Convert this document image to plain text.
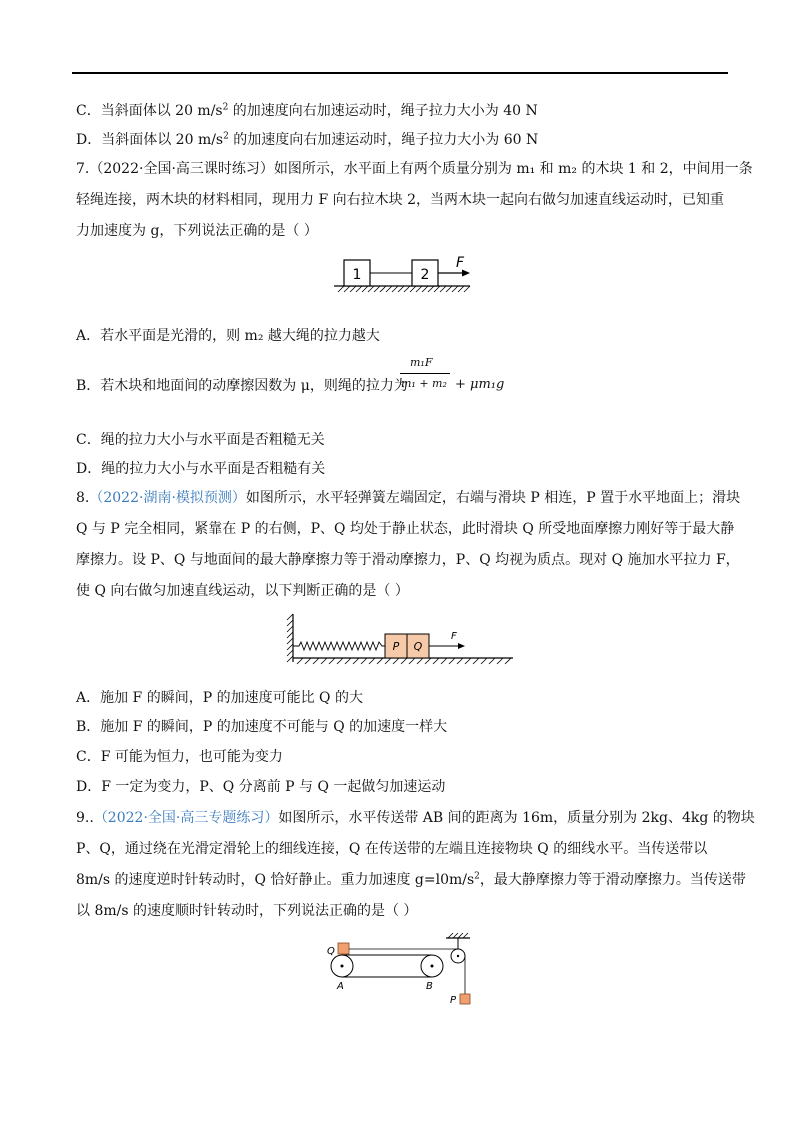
C．当斜面体以 20 $m/s^2$ 的加速度向右加速运动时，绳子拉力大小为 40 N
D．当斜面体以 20 $m/s^2$ 的加速度向右加速运动时，绳子拉力大小为 60 N
7.（2022·全国·高三课时练习）如图所示，水平面上有两个质量分别为 m₁ 和 m₂ 的木块 1 和 2，中间用一条
轻绳连接，两木块的材料相同，现用力 F 向右拉木块 2，当两木块一起向右做匀加速直线运动时，已知重
力加速度为 g，下列说法正确的是（ ）
1	2
F
A．若水平面是光滑的，则 m₂ 越大绳的拉力越大
B．若木块和地面间的动摩擦因数为 μ，则绳的拉力为
m₁F
m₁ + m₂ + μm₁g
C．绳的拉力大小与水平面是否粗糙无关
D．绳的拉力大小与水平面是否粗糙有关
8.（2022·湖南·模拟预测）如图所示，水平轻弹簧左端固定，右端与滑块 P 相连，P 置于水平地面上；滑块
Q 与 P 完全相同，紧靠在 P 的右侧，P、Q 均处于静止状态，此时滑块 Q 所受地面摩擦力刚好等于最大静
摩擦力。设 P、Q 与地面间的最大静摩擦力等于滑动摩擦力，P、Q 均视为质点。现对 Q 施加水平拉力 F，
使 Q 向右做匀加速直线运动，以下判断正确的是（ ）
P Q
F
A．施加 F 的瞬间，P 的加速度可能比 Q 的大
B．施加 F 的瞬间，P 的加速度不可能与 Q 的加速度一样大
C．F 可能为恒力，也可能为变力
D．F 一定为变力，P、Q 分离前 P 与 Q 一起做匀加速运动
9..（2022·全国·高三专题练习）如图所示，水平传送带 AB 间的距离为 16m，质量分别为 2kg、4kg 的物块
P、Q，通过绕在光滑定滑轮上的细线连接，Q 在传送带的左端且连接物块 Q 的细线水平。当传送带以
8m/s 的速度逆时针转动时，Q 恰好静止。重力加速度 $g=l0m/s^2$，最大静摩擦力等于滑动摩擦力。当传送带
以 8m/s 的速度顺时针转动时，下列说法正确的是（ ）
Q
P
A	B
